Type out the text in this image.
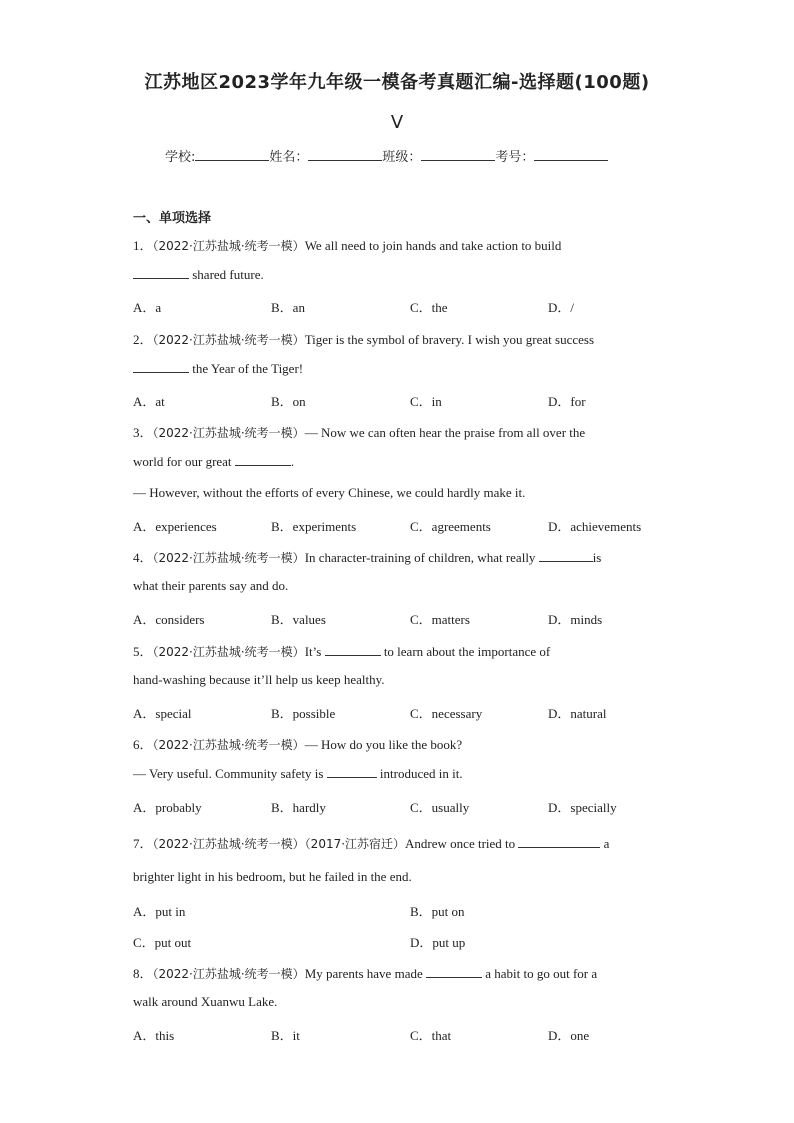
江苏地区2023学年九年级一模备考真题汇编-选择题(100题)
V
学校:	姓名：	班级：	考号：
一、单项选择
1．（2022·江苏盐城·统考一模）We all need to join hands and take action to build
shared future.
A．a	B．an	C．the	D．/
2．（2022·江苏盐城·统考一模）Tiger is the symbol of bravery. I wish you great success
the Year of the Tiger!
A．at	B．on	C．in	D．for
3．（2022·江苏盐城·统考一模）— Now we can often hear the praise from all over the
world for our great	.
— However, without the efforts of every Chinese, we could hardly make it.
A．experiences	B．experiments	C．agreements	D．achievements
4．（2022·江苏盐城·统考一模）In character-training of children, what really	is
what their parents say and do.
A．considers	B．values	C．matters	D．minds
5．（2022·江苏盐城·统考一模）It’s	to learn about the importance of
hand-washing because it’ll help us keep healthy.
A．special	B．possible	C．necessary	D．natural
6．（2022·江苏盐城·统考一模）— How do you like the book?
— Very useful. Community safety is	introduced in it.
A．probably	B．hardly	C．usually	D．specially
7．（2022·江苏盐城·统考一模）（2017·江苏宿迁）Andrew once tried to	a
brighter light in his bedroom, but he failed in the end.
A．put in	B．put on
C．put out	D．put up
8．（2022·江苏盐城·统考一模）My parents have made	a habit to go out for a
walk around Xuanwu Lake.
A．this	B．it	C．that	D．one
